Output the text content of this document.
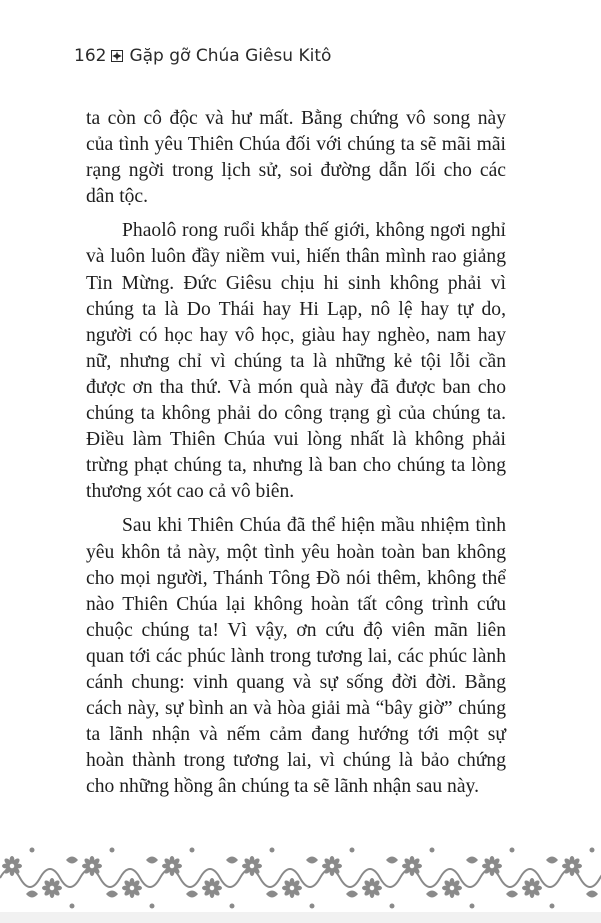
162 Gặp gỡ Chúa Giêsu Kitô

ta còn cô độc và hư mất. Bằng chứng vô song này của tình yêu Thiên Chúa đối với chúng ta sẽ mãi mãi rạng ngời trong lịch sử, soi đường dẫn lối cho các dân tộc.

Phaolô rong ruổi khắp thế giới, không ngơi nghỉ và luôn luôn đầy niềm vui, hiến thân mình rao giảng Tin Mừng. Đức Giêsu chịu hi sinh không phải vì chúng ta là Do Thái hay Hi Lạp, nô lệ hay tự do, người có học hay vô học, giàu hay nghèo, nam hay nữ, nhưng chỉ vì chúng ta là những kẻ tội lỗi cần được ơn tha thứ. Và món quà này đã được ban cho chúng ta không phải do công trạng gì của chúng ta. Điều làm Thiên Chúa vui lòng nhất là không phải trừng phạt chúng ta, nhưng là ban cho chúng ta lòng thương xót cao cả vô biên.

Sau khi Thiên Chúa đã thể hiện mầu nhiệm tình yêu khôn tả này, một tình yêu hoàn toàn ban không cho mọi người, Thánh Tông Đồ nói thêm, không thể nào Thiên Chúa lại không hoàn tất công trình cứu chuộc chúng ta! Vì vậy, ơn cứu độ viên mãn liên quan tới các phúc lành trong tương lai, các phúc lành cánh chung: vinh quang và sự sống đời đời. Bằng cách này, sự bình an và hòa giải mà “bây giờ” chúng ta lãnh nhận và nếm cảm đang hướng tới một sự hoàn thành trong tương lai, vì chúng là bảo chứng cho những hồng ân chúng ta sẽ lãnh nhận sau này.
